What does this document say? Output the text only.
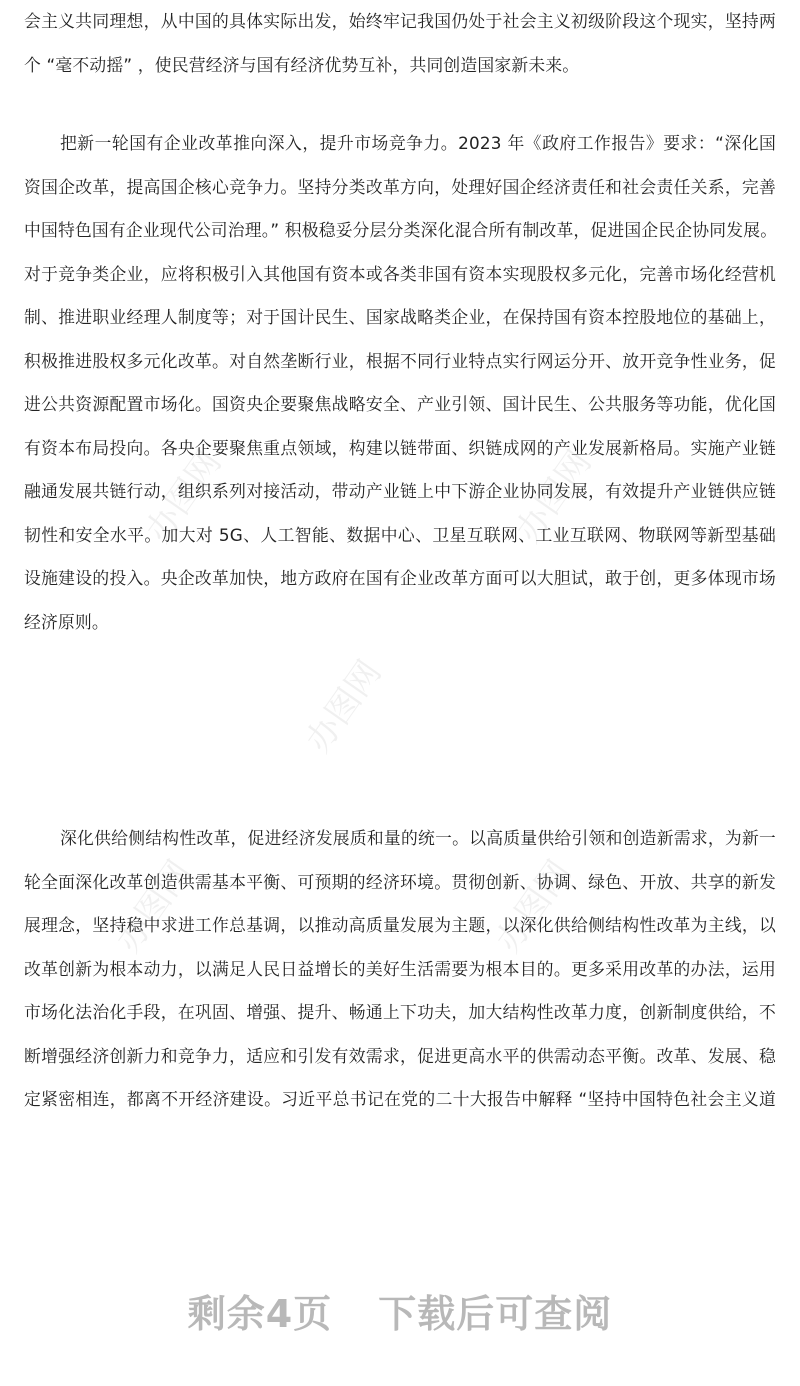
办图网	办图网
办图网
办图网	办图网
会主义共同理想，从中国的具体实际出发，始终牢记我国仍处于社会主义初级阶段这个现实，坚持两
个 “毫不动摇” ，使民营经济与国有经济优势互补，共同创造国家新未来。
把新一轮国有企业改革推向深入，提升市场竞争力。2023 年《政府工作报告》要求：“深化国
资国企改革，提高国企核心竞争力。坚持分类改革方向，处理好国企经济责任和社会责任关系，完善
中国特色国有企业现代公司治理。” 积极稳妥分层分类深化混合所有制改革，促进国企民企协同发展。
对于竞争类企业，应将积极引入其他国有资本或各类非国有资本实现股权多元化，完善市场化经营机
制、推进职业经理人制度等；对于国计民生、国家战略类企业，在保持国有资本控股地位的基础上，
积极推进股权多元化改革。对自然垄断行业，根据不同行业特点实行网运分开、放开竞争性业务，促
进公共资源配置市场化。国资央企要聚焦战略安全、产业引领、国计民生、公共服务等功能，优化国
有资本布局投向。各央企要聚焦重点领域，构建以链带面、织链成网的产业发展新格局。实施产业链
融通发展共链行动，组织系列对接活动，带动产业链上中下游企业协同发展，有效提升产业链供应链
韧性和安全水平。加大对 5G、人工智能、数据中心、卫星互联网、工业互联网、物联网等新型基础
设施建设的投入。央企改革加快，地方政府在国有企业改革方面可以大胆试，敢于创，更多体现市场
经济原则。
深化供给侧结构性改革，促进经济发展质和量的统一。以高质量供给引领和创造新需求，为新一
轮全面深化改革创造供需基本平衡、可预期的经济环境。贯彻创新、协调、绿色、开放、共享的新发
展理念，坚持稳中求进工作总基调，以推动高质量发展为主题，以深化供给侧结构性改革为主线，以
改革创新为根本动力，以满足人民日益增长的美好生活需要为根本目的。更多采用改革的办法，运用
市场化法治化手段，在巩固、增强、提升、畅通上下功夫，加大结构性改革力度，创新制度供给，不
断增强经济创新力和竞争力，适应和引发有效需求，促进更高水平的供需动态平衡。改革、发展、稳
定紧密相连，都离不开经济建设。习近平总书记在党的二十大报告中解释 “坚持中国特色社会主义道
剩余4页 下载后可查阅
